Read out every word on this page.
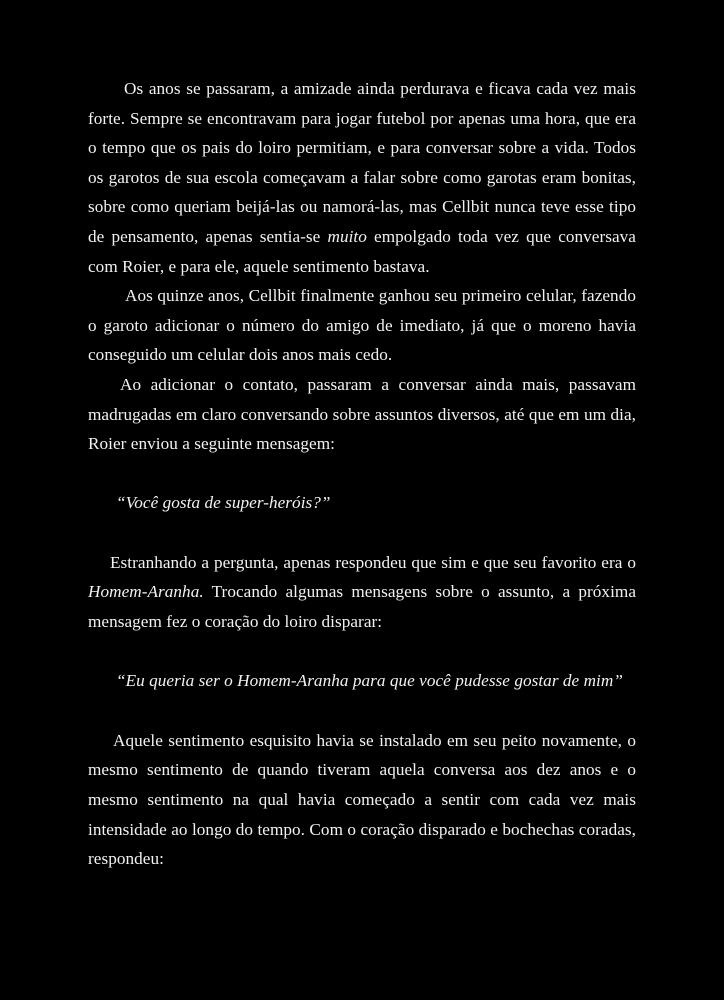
Os anos se passaram, a amizade ainda perdurava e ficava cada vez mais forte. Sempre se encontravam para jogar futebol por apenas uma hora, que era o tempo que os pais do loiro permitiam, e para conversar sobre a vida. Todos os garotos de sua escola começavam a falar sobre como garotas eram bonitas, sobre como queriam beijá-las ou namorá-las, mas Cellbit nunca teve esse tipo de pensamento, apenas sentia-se muito empolgado toda vez que conversava com Roier, e para ele, aquele sentimento bastava.

Aos quinze anos, Cellbit finalmente ganhou seu primeiro celular, fazendo o garoto adicionar o número do amigo de imediato, já que o moreno havia conseguido um celular dois anos mais cedo.

Ao adicionar o contato, passaram a conversar ainda mais, passavam madrugadas em claro conversando sobre assuntos diversos, até que em um dia, Roier enviou a seguinte mensagem:

“Você gosta de super-heróis?”

Estranhando a pergunta, apenas respondeu que sim e que seu favorito era o Homem-Aranha. Trocando algumas mensagens sobre o assunto, a próxima mensagem fez o coração do loiro disparar:

“Eu queria ser o Homem-Aranha para que você pudesse gostar de mim”

Aquele sentimento esquisito havia se instalado em seu peito novamente, o mesmo sentimento de quando tiveram aquela conversa aos dez anos e o mesmo sentimento na qual havia começado a sentir com cada vez mais intensidade ao longo do tempo. Com o coração disparado e bochechas coradas, respondeu:
